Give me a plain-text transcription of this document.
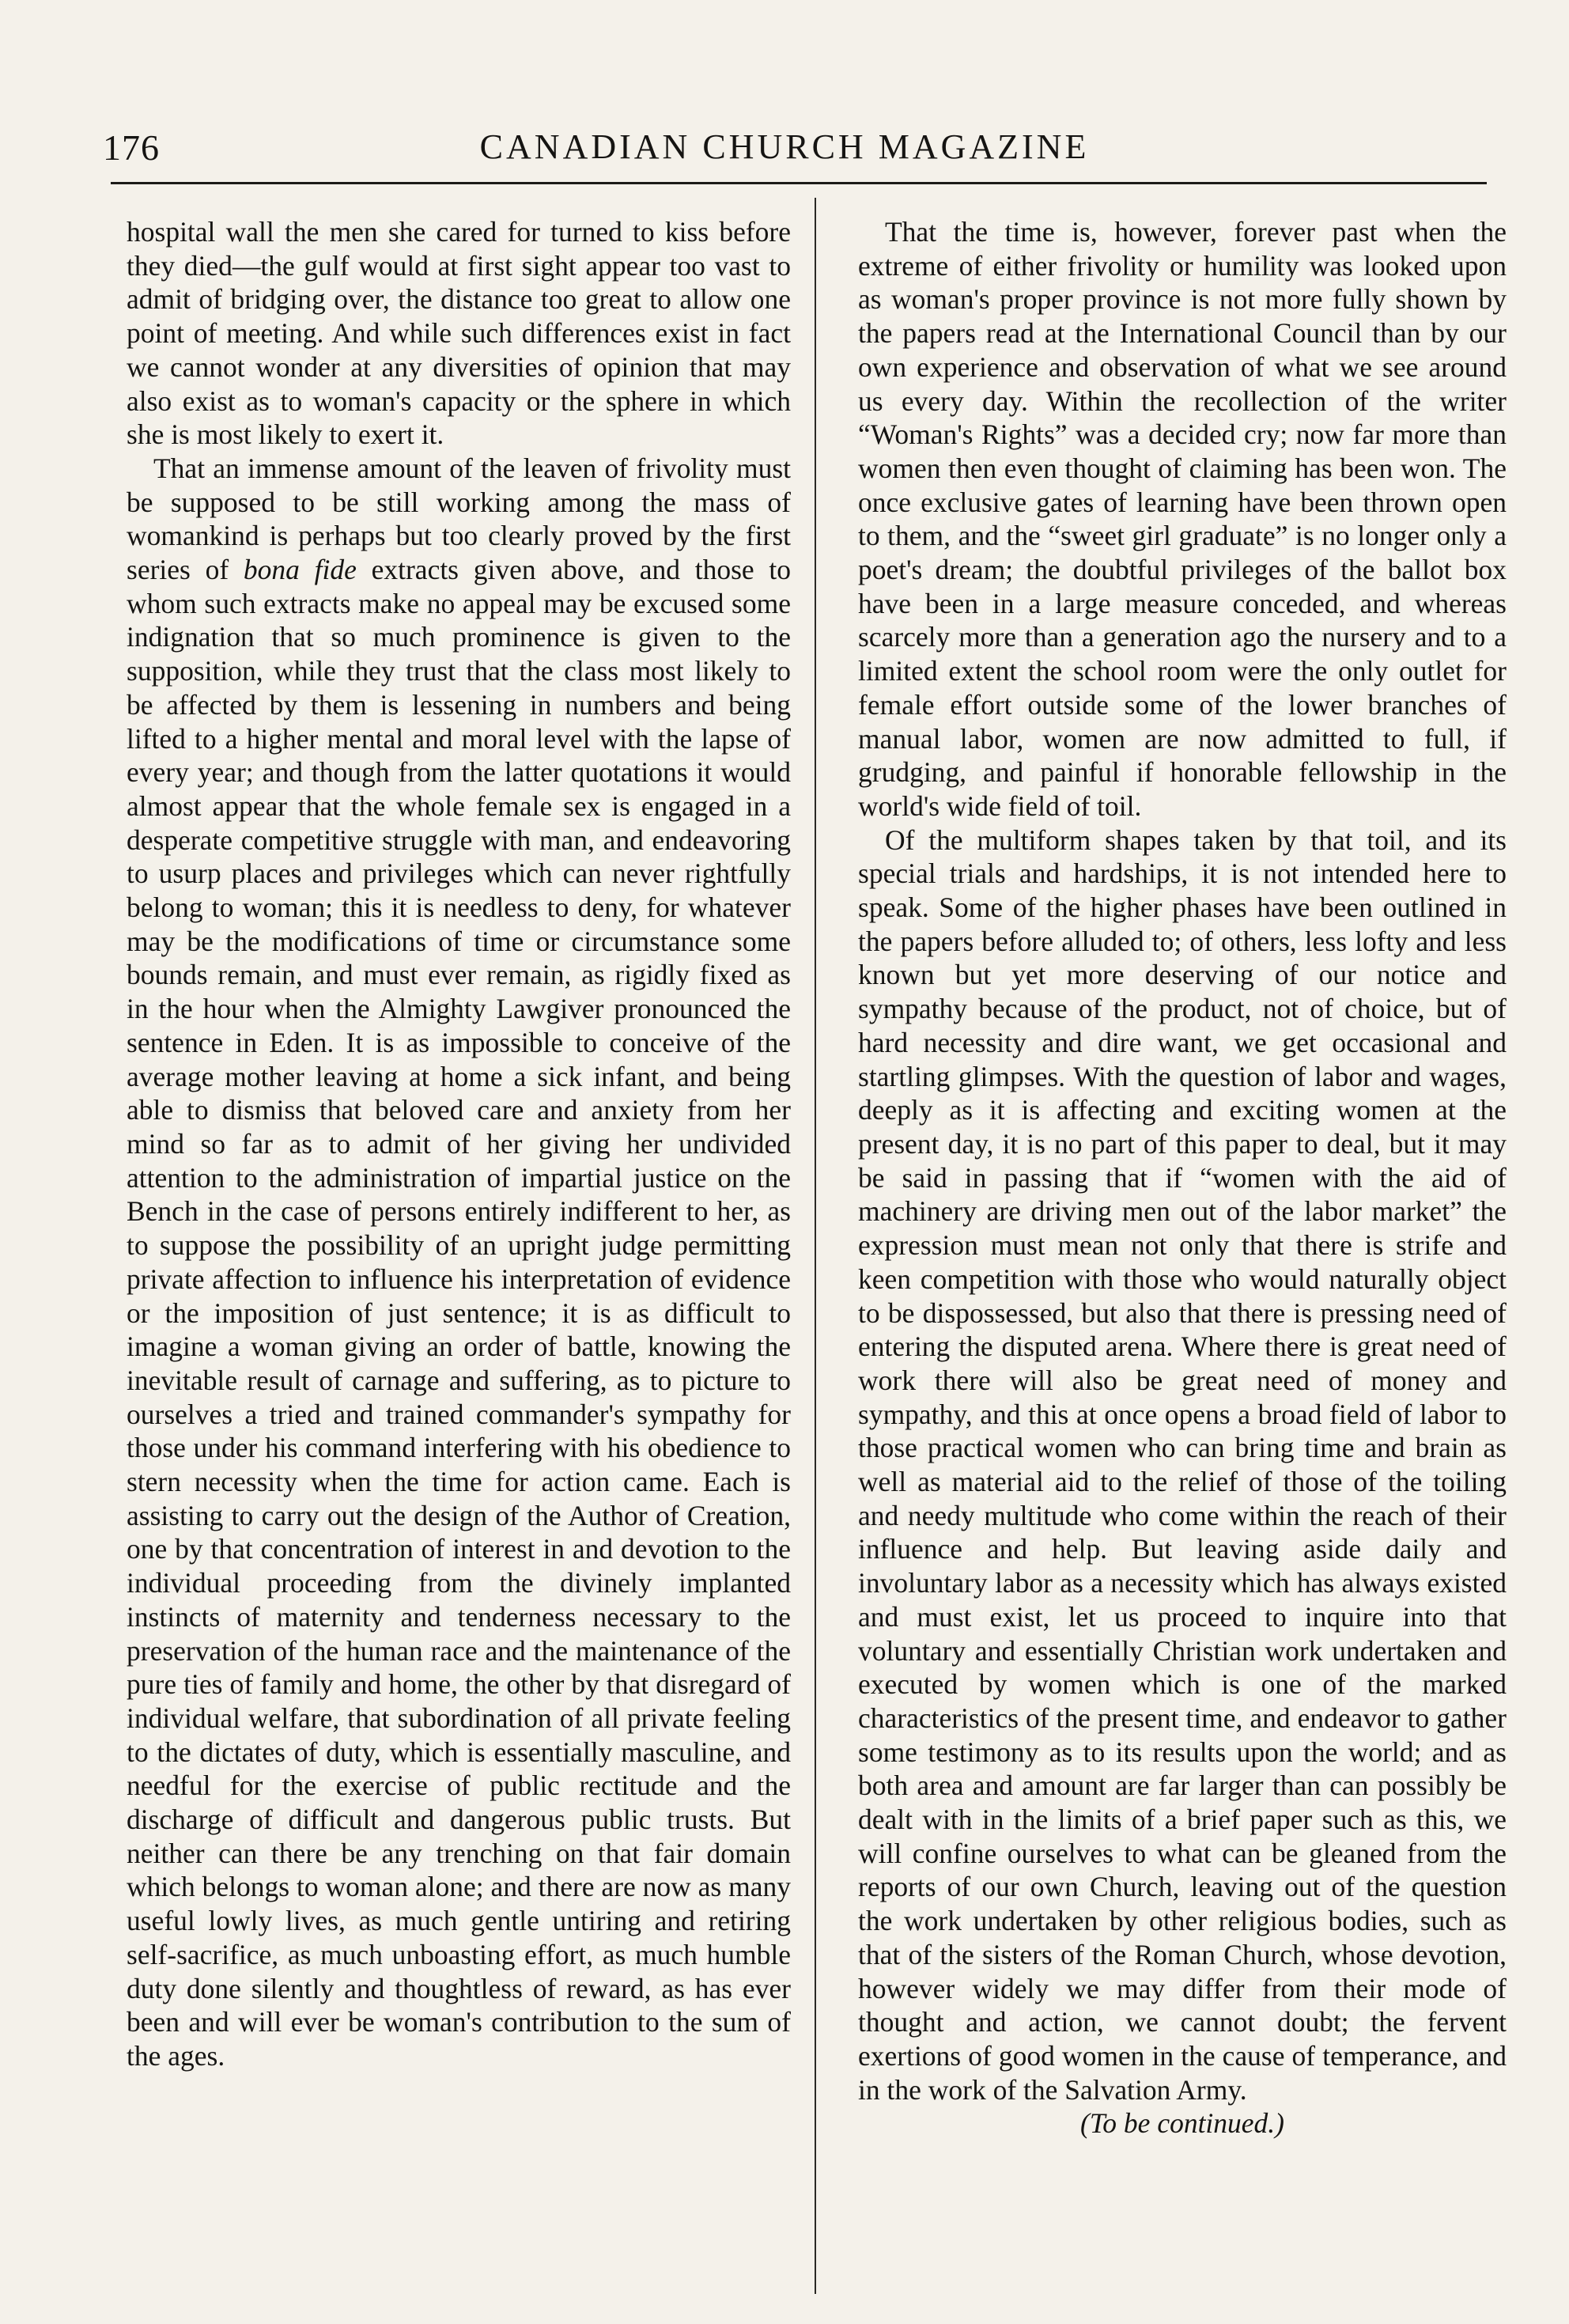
176	CANADIAN CHURCH MAGAZINE

hospital wall the men she cared for turned to kiss before they died—the gulf would at first sight appear too vast to admit of bridging over, the distance too great to allow one point of meeting. And while such differences exist in fact we cannot wonder at any diversities of opinion that may also exist as to woman's capacity or the sphere in which she is most likely to exert it.

That an immense amount of the leaven of frivolity must be supposed to be still working among the mass of womankind is perhaps but too clearly proved by the first series of bona fide extracts given above, and those to whom such extracts make no appeal may be excused some indignation that so much prominence is given to the supposition, while they trust that the class most likely to be affected by them is lessening in numbers and being lifted to a higher mental and moral level with the lapse of every year; and though from the latter quotations it would almost appear that the whole female sex is engaged in a desperate competitive struggle with man, and endeavoring to usurp places and privileges which can never rightfully belong to woman; this it is needless to deny, for whatever may be the modifications of time or circumstance some bounds remain, and must ever remain, as rigidly fixed as in the hour when the Almighty Lawgiver pronounced the sentence in Eden. It is as impossible to conceive of the average mother leaving at home a sick infant, and being able to dismiss that beloved care and anxiety from her mind so far as to admit of her giving her undivided attention to the administration of impartial justice on the Bench in the case of persons entirely indifferent to her, as to suppose the possibility of an upright judge permitting private affection to influence his interpretation of evidence or the imposition of just sentence; it is as difficult to imagine a woman giving an order of battle, knowing the inevitable result of carnage and suffering, as to picture to ourselves a tried and trained commander's sympathy for those under his command interfering with his obedience to stern necessity when the time for action came. Each is assisting to carry out the design of the Author of Creation, one by that concentration of interest in and devotion to the individual proceeding from the divinely implanted instincts of maternity and tenderness necessary to the preservation of the human race and the maintenance of the pure ties of family and home, the other by that disregard of individual welfare, that subordination of all private feeling to the dictates of duty, which is essentially masculine, and needful for the exercise of public rectitude and the discharge of difficult and dangerous public trusts. But neither can there be any trenching on that fair domain which belongs to woman alone; and there are now as many useful lowly lives, as much gentle untiring and retiring self-sacrifice, as much unboasting effort, as much humble duty done silently and thoughtless of reward, as has ever been and will ever be woman's contribution to the sum of the ages.

That the time is, however, forever past when the extreme of either frivolity or humility was looked upon as woman's proper province is not more fully shown by the papers read at the International Council than by our own experience and observation of what we see around us every day. Within the recollection of the writer “Woman's Rights” was a decided cry; now far more than women then even thought of claiming has been won. The once exclusive gates of learning have been thrown open to them, and the “sweet girl graduate” is no longer only a poet's dream; the doubtful privileges of the ballot box have been in a large measure conceded, and whereas scarcely more than a generation ago the nursery and to a limited extent the school room were the only outlet for female effort outside some of the lower branches of manual labor, women are now admitted to full, if grudging, and painful if honorable fellowship in the world's wide field of toil.

Of the multiform shapes taken by that toil, and its special trials and hardships, it is not intended here to speak. Some of the higher phases have been outlined in the papers before alluded to; of others, less lofty and less known but yet more deserving of our notice and sympathy because of the product, not of choice, but of hard necessity and dire want, we get occasional and startling glimpses. With the question of labor and wages, deeply as it is affecting and exciting women at the present day, it is no part of this paper to deal, but it may be said in passing that if “women with the aid of machinery are driving men out of the labor market” the expression must mean not only that there is strife and keen competition with those who would naturally object to be dispossessed, but also that there is pressing need of entering the disputed arena. Where there is great need of work there will also be great need of money and sympathy, and this at once opens a broad field of labor to those practical women who can bring time and brain as well as material aid to the relief of those of the toiling and needy multitude who come within the reach of their influence and help. But leaving aside daily and involuntary labor as a necessity which has always existed and must exist, let us proceed to inquire into that voluntary and essentially Christian work undertaken and executed by women which is one of the marked characteristics of the present time, and endeavor to gather some testimony as to its results upon the world; and as both area and amount are far larger than can possibly be dealt with in the limits of a brief paper such as this, we will confine ourselves to what can be gleaned from the reports of our own Church, leaving out of the question the work undertaken by other religious bodies, such as that of the sisters of the Roman Church, whose devotion, however widely we may differ from their mode of thought and action, we cannot doubt; the fervent exertions of good women in the cause of temperance, and in the work of the Salvation Army.

(To be continued.)
